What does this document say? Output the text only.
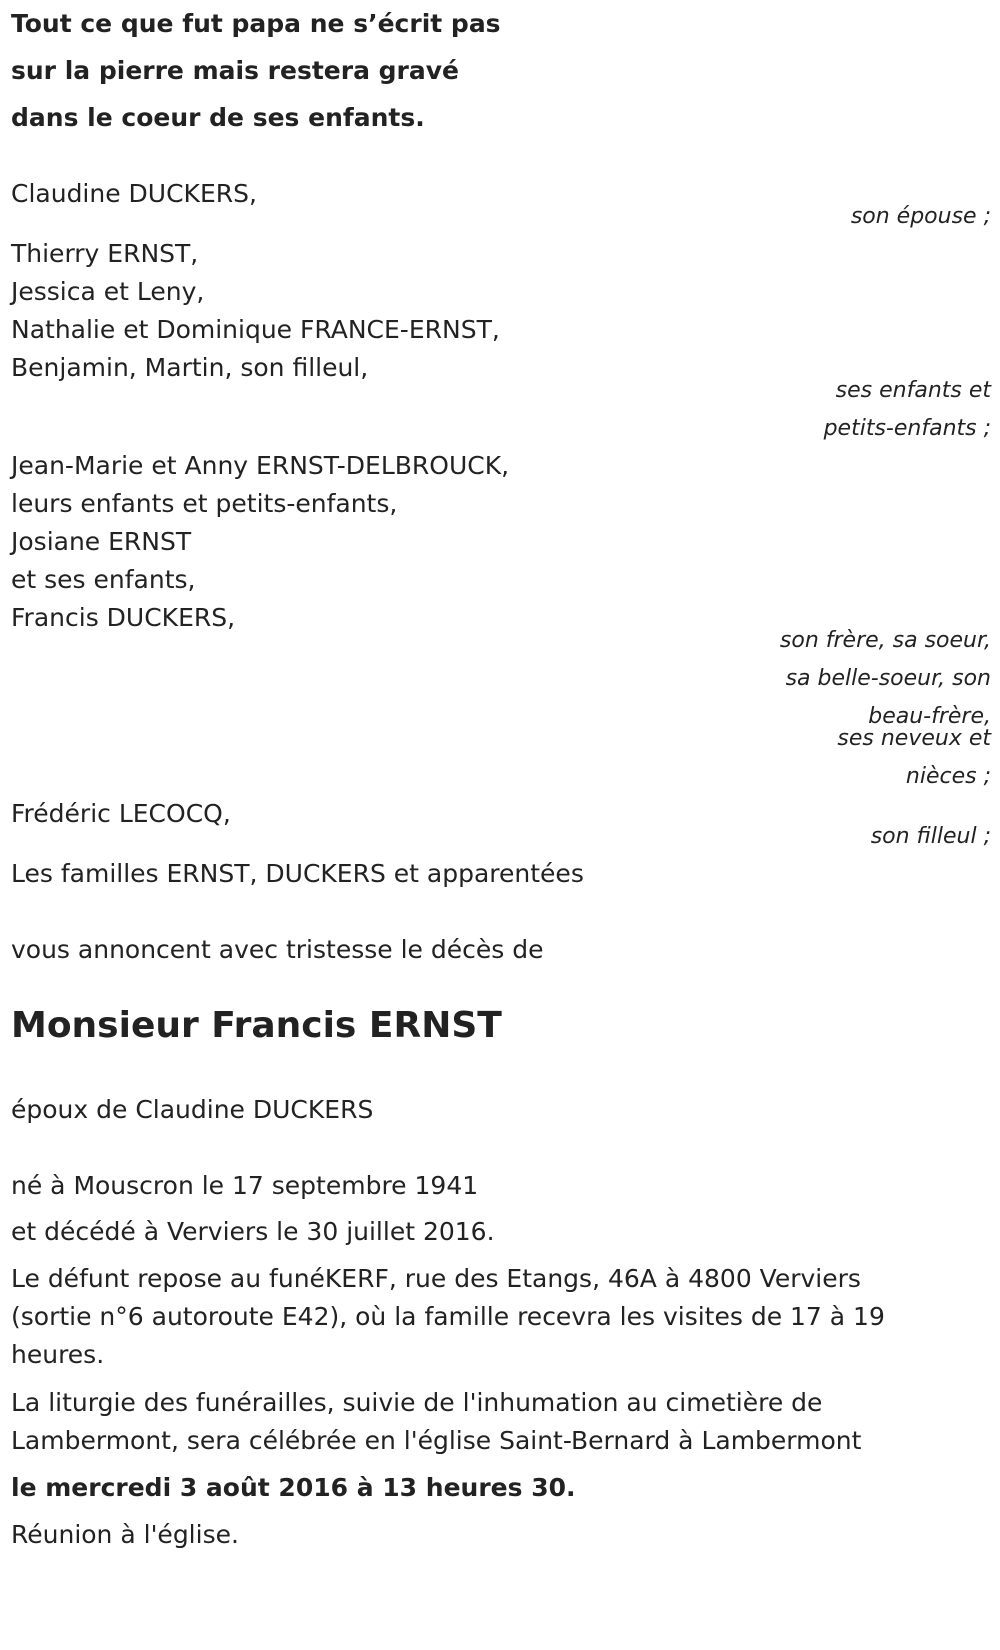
Tout ce que fut papa ne s’écrit pas
sur la pierre mais restera gravé
dans le coeur de ses enfants.
Claudine DUCKERS,
son épouse ;
Thierry ERNST,
Jessica et Leny,
Nathalie et Dominique FRANCE-ERNST,
Benjamin, Martin, son filleul,
ses enfants et
petits-enfants ;
Jean-Marie et Anny ERNST-DELBROUCK,
leurs enfants et petits-enfants,
Josiane ERNST
et ses enfants,
Francis DUCKERS,
son frère, sa soeur,
sa belle-soeur, son
beau-frère,
ses neveux et
nièces ;
Frédéric LECOCQ,
son filleul ;
Les familles ERNST, DUCKERS et apparentées
vous annoncent avec tristesse le décès de
Monsieur Francis ERNST
époux de Claudine DUCKERS
né à Mouscron le 17 septembre 1941
et décédé à Verviers le 30 juillet 2016.
Le défunt repose au funéKERF, rue des Etangs, 46A à 4800 Verviers
(sortie n°6 autoroute E42), où la famille recevra les visites de 17 à 19
heures.
La liturgie des funérailles, suivie de l'inhumation au cimetière de
Lambermont, sera célébrée en l'église Saint-Bernard à Lambermont
le mercredi 3 août 2016 à 13 heures 30.
Réunion à l'église.
